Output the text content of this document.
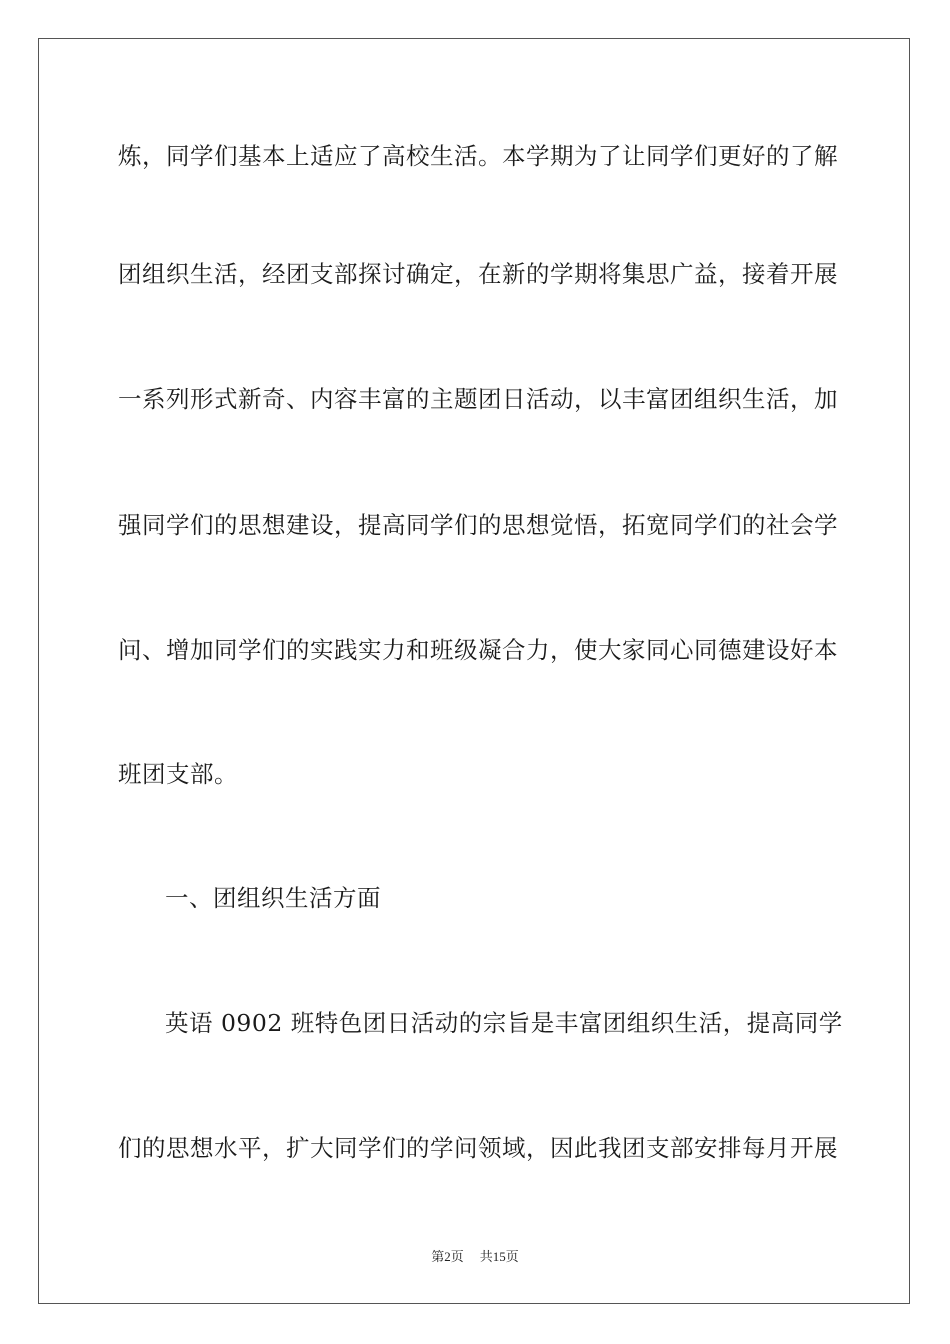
炼，同学们基本上适应了高校生活。本学期为了让同学们更好的了解
团组织生活，经团支部探讨确定，在新的学期将集思广益，接着开展
一系列形式新奇、内容丰富的主题团日活动，以丰富团组织生活，加
强同学们的思想建设，提高同学们的思想觉悟，拓宽同学们的社会学
问、增加同学们的实践实力和班级凝合力，使大家同心同德建设好本
班团支部。
一、团组织生活方面
英语 0902 班特色团日活动的宗旨是丰富团组织生活，提高同学
们的思想水平，扩大同学们的学问领域，因此我团支部安排每月开展
第2页 共15页
